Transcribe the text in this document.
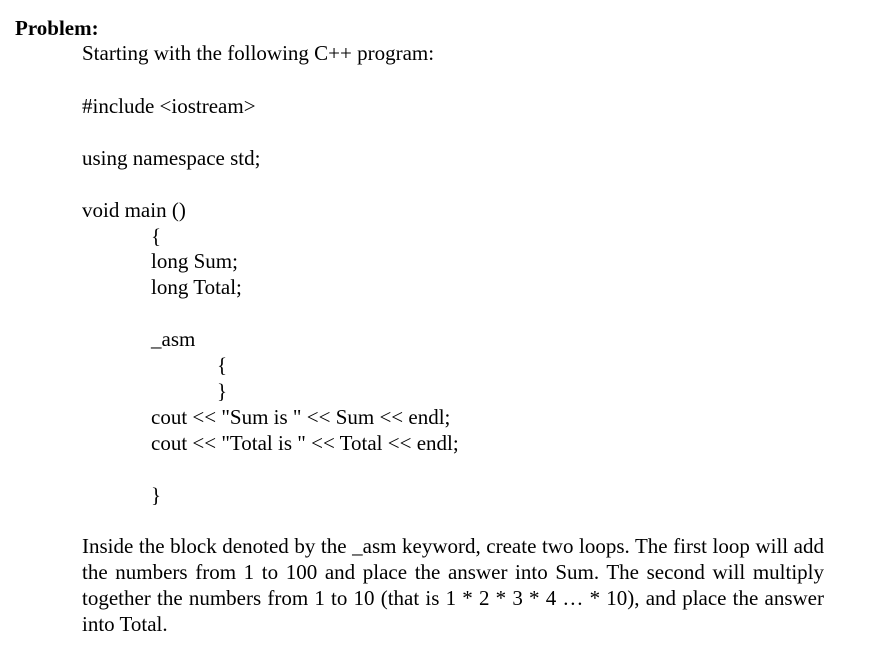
Problem:
Starting with the following C++ program:
#include <iostream>
using namespace std;
void main ()
{
long Sum;
long Total;
_asm
{
}
cout << "Sum is " << Sum << endl;
cout << "Total is " << Total << endl;
}
Inside the block denoted by the _asm keyword, create two loops. The first loop will add the numbers from 1 to 100 and place the answer into Sum. The second will multiply together the numbers from 1 to 10 (that is 1 * 2 * 3 * 4 … * 10), and place the answer into Total.
